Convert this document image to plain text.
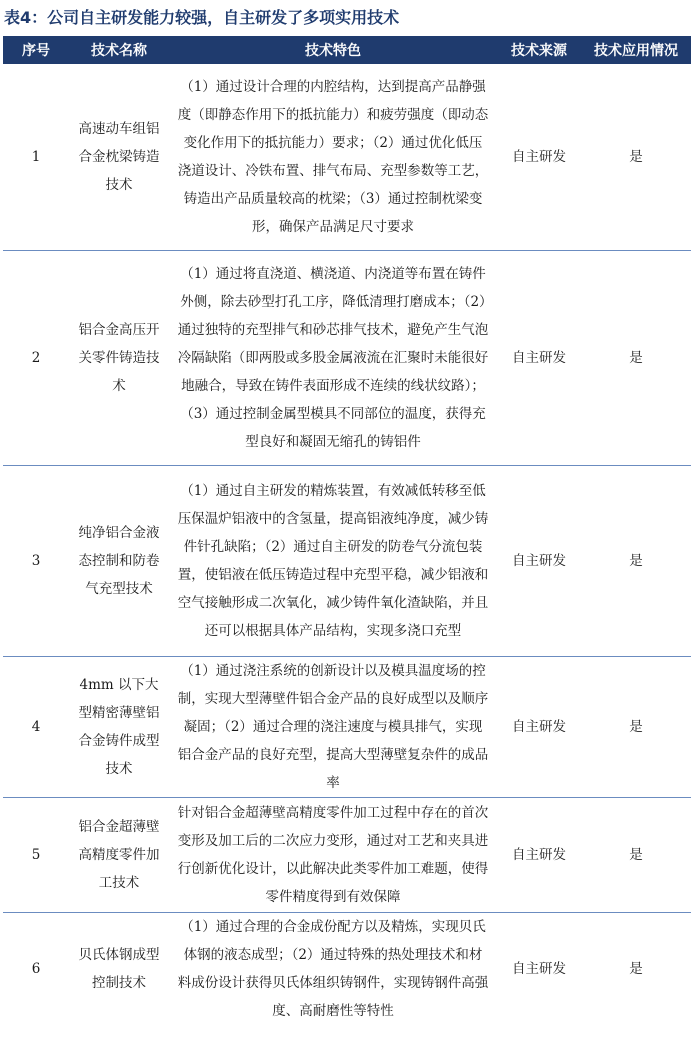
表4：公司自主研发能力较强，自主研发了多项实用技术
序号	技术名称	技术特色	技术来源	技术应用情况
1	高速动车组铝合金枕梁铸造技术	（1）通过设计合理的内腔结构，达到提高产品静强度（即静态作用下的抵抗能力）和疲劳强度（即动态变化作用下的抵抗能力）要求；（2）通过优化低压浇道设计、冷铁布置、排气布局、充型参数等工艺，铸造出产品质量较高的枕梁；（3）通过控制枕梁变形，确保产品满足尺寸要求	自主研发	是
2	铝合金高压开关零件铸造技术	（1）通过将直浇道、横浇道、内浇道等布置在铸件外侧，除去砂型打孔工序，降低清理打磨成本；（2）通过独特的充型排气和砂芯排气技术，避免产生气泡冷隔缺陷（即两股或多股金属液流在汇聚时未能很好地融合，导致在铸件表面形成不连续的线状纹路）；（3）通过控制金属型模具不同部位的温度，获得充型良好和凝固无缩孔的铸铝件	自主研发	是
3	纯净铝合金液态控制和防卷气充型技术	（1）通过自主研发的精炼装置，有效减低转移至低压保温炉铝液中的含氢量，提高铝液纯净度，减少铸件针孔缺陷；（2）通过自主研发的防卷气分流包装置，使铝液在低压铸造过程中充型平稳，减少铝液和空气接触形成二次氧化，减少铸件氧化渣缺陷，并且还可以根据具体产品结构，实现多浇口充型	自主研发	是
4	4mm 以下大型精密薄壁铝合金铸件成型技术	（1）通过浇注系统的创新设计以及模具温度场的控制，实现大型薄壁件铝合金产品的良好成型以及顺序凝固；（2）通过合理的浇注速度与模具排气，实现铝合金产品的良好充型，提高大型薄壁复杂件的成品率	自主研发	是
5	铝合金超薄壁高精度零件加工技术	针对铝合金超薄壁高精度零件加工过程中存在的首次变形及加工后的二次应力变形，通过对工艺和夹具进行创新优化设计，以此解决此类零件加工难题，使得零件精度得到有效保障	自主研发	是
6	贝氏体钢成型控制技术	（1）通过合理的合金成份配方以及精炼，实现贝氏体钢的液态成型；（2）通过特殊的热处理技术和材料成份设计获得贝氏体组织铸钢件，实现铸钢件高强度、高耐磨性等特性	自主研发	是
